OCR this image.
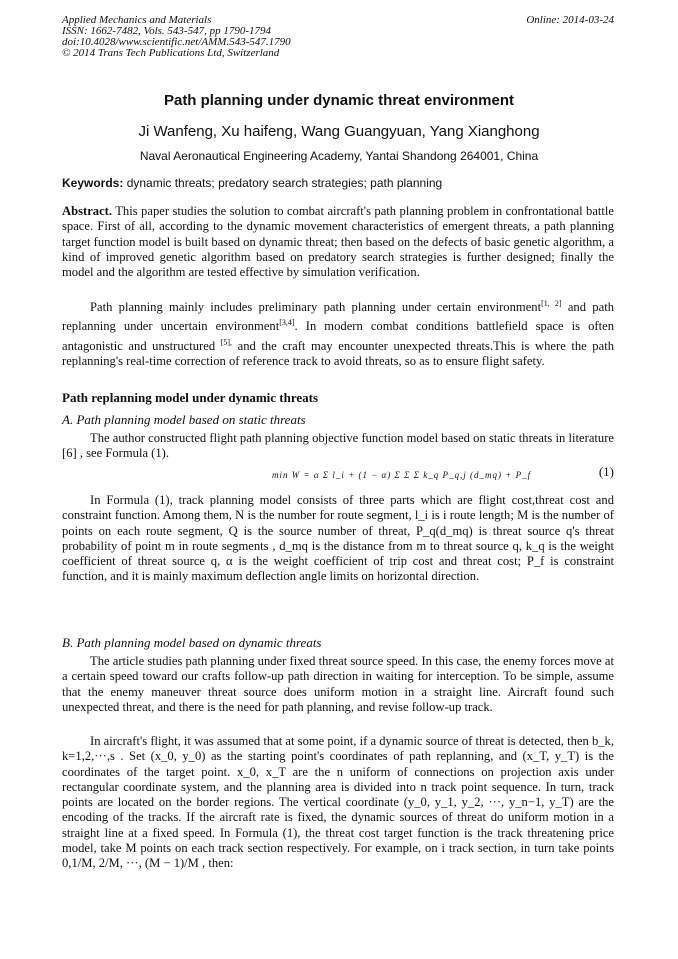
Applied Mechanics and Materials
ISSN: 1662-7482, Vols. 543-547, pp 1790-1794
doi:10.4028/www.scientific.net/AMM.543-547.1790
© 2014 Trans Tech Publications Ltd, Switzerland
Online: 2014-03-24
Path planning under dynamic threat environment
Ji Wanfeng, Xu haifeng, Wang Guangyuan, Yang Xianghong
Naval Aeronautical Engineering Academy, Yantai Shandong 264001, China
Keywords: dynamic threats; predatory search strategies; path planning
Abstract. This paper studies the solution to combat aircraft's path planning problem in confrontational battle space. First of all, according to the dynamic movement characteristics of emergent threats, a path planning target function model is built based on dynamic threat; then based on the defects of basic genetic algorithm, a kind of improved genetic algorithm based on predatory search strategies is further designed; finally the model and the algorithm are tested effective by simulation verification.
Path planning mainly includes preliminary path planning under certain environment[1, 2] and path replanning under uncertain environment[3,4]. In modern combat conditions battlefield space is often antagonistic and unstructured $^{[5],}$ and the craft may encounter unexpected threats.This is where the path replanning's real-time correction of reference track to avoid threats, so as to ensure flight safety.
Path replanning model under dynamic threats
A. Path planning model based on static threats
The author constructed flight path planning objective function model based on static threats in literature [6] , see Formula (1).
min W = α Σ l_i + (1 − α) Σ Σ Σ k_q P_q,j (d_mq) + P_f	(1)
In Formula (1), track planning model consists of three parts which are flight cost,threat cost and constraint function. Among them, N is the number for route segment, l_i is i route length; M is the number of points on each route segment, Q is the source number of threat, P_q(d_mq) is threat source q's threat probability of point m in route segments , d_mq is the distance from m to threat source q, k_q is the weight coefficient of threat source q, α is the weight coefficient of trip cost and threat cost; P_f is constraint function, and it is mainly maximum deflection angle limits on horizontal direction.
B. Path planning model based on dynamic threats
The article studies path planning under fixed threat source speed. In this case, the enemy forces move at a certain speed toward our crafts follow-up path direction in waiting for interception. To be simple, assume that the enemy maneuver threat source does uniform motion in a straight line. Aircraft found such unexpected threat, and there is the need for path planning, and revise follow-up track.
In aircraft's flight, it was assumed that at some point, if a dynamic source of threat is detected, then b_k, k=1,2,···,s . Set (x_0, y_0) as the starting point's coordinates of path replanning, and (x_T, y_T) is the coordinates of the target point. x_0, x_T are the n uniform of connections on projection axis under rectangular coordinate system, and the planning area is divided into n track point sequence. In turn, track points are located on the border regions. The vertical coordinate (y_0, y_1, y_2, ···, y_n−1, y_T) are the encoding of the tracks. If the aircraft rate is fixed, the dynamic sources of threat do uniform motion in a straight line at a fixed speed. In Formula (1), the threat cost target function is the track threatening price model, take M points on each track section respectively. For example, on i track section, in turn take points 0,1/M, 2/M, ···, (M − 1)/M , then:
